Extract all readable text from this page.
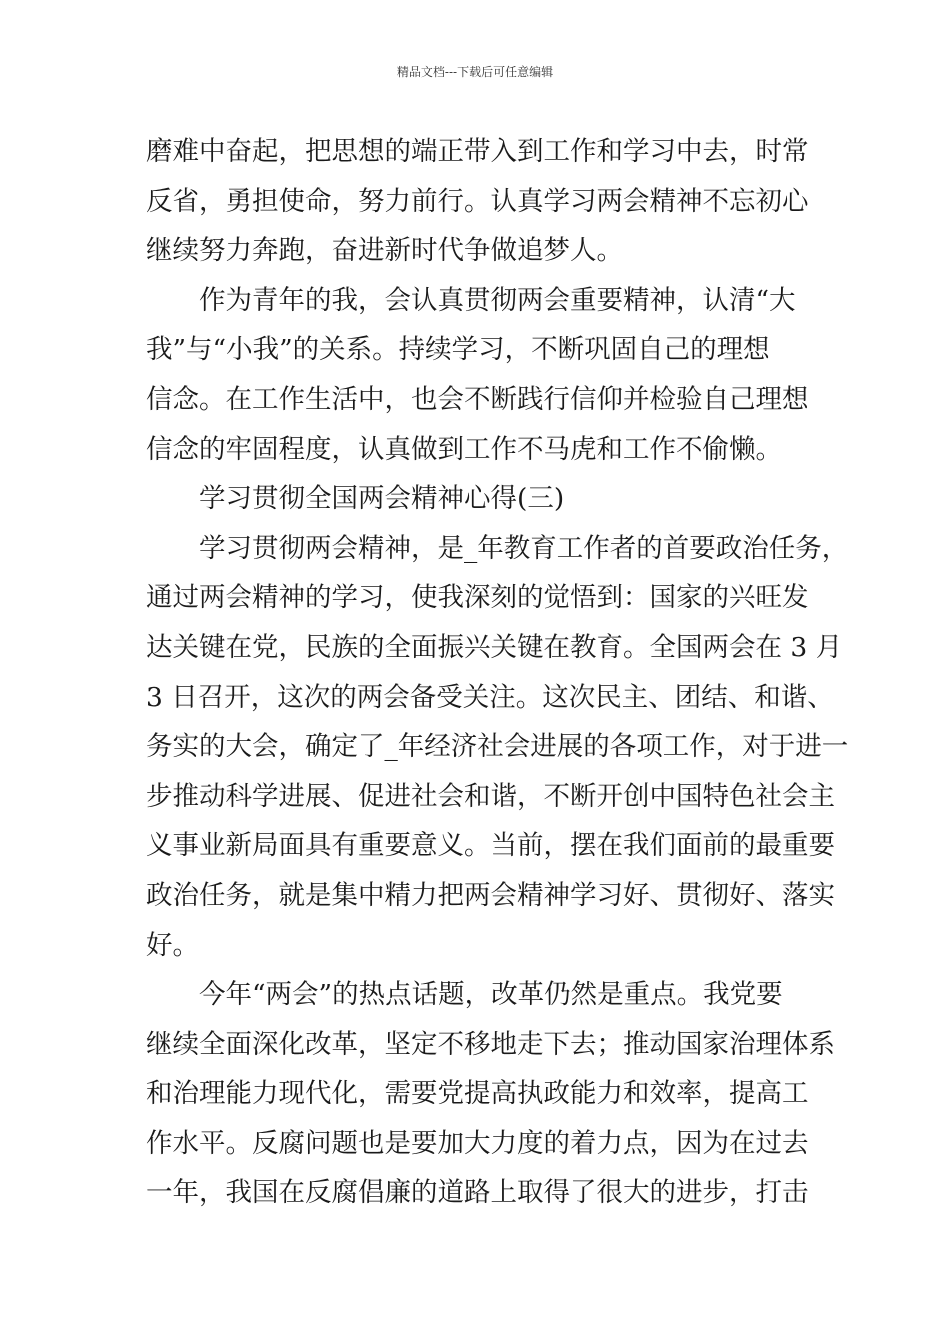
精品文档---下载后可任意编辑
磨难中奋起，把思想的端正带入到工作和学习中去，时常
反省，勇担使命，努力前行。认真学习两会精神不忘初心
继续努力奔跑，奋进新时代争做追梦人。
　　作为青年的我，会认真贯彻两会重要精神，认清“大
我”与“小我”的关系。持续学习，不断巩固自己的理想
信念。在工作生活中，也会不断践行信仰并检验自己理想
信念的牢固程度，认真做到工作不马虎和工作不偷懒。
　　学习贯彻全国两会精神心得(三)
　　学习贯彻两会精神，是_年教育工作者的首要政治任务，
通过两会精神的学习，使我深刻的觉悟到：国家的兴旺发
达关键在党，民族的全面振兴关键在教育。全国两会在 3 月
3 日召开，这次的两会备受关注。这次民主、团结、和谐、
务实的大会，确定了_年经济社会进展的各项工作，对于进一
步推动科学进展、促进社会和谐，不断开创中国特色社会主
义事业新局面具有重要意义。当前，摆在我们面前的最重要
政治任务，就是集中精力把两会精神学习好、贯彻好、落实
好。
　　今年“两会”的热点话题，改革仍然是重点。我党要
继续全面深化改革，坚定不移地走下去；推动国家治理体系
和治理能力现代化，需要党提高执政能力和效率，提高工
作水平。反腐问题也是要加大力度的着力点，因为在过去
一年，我国在反腐倡廉的道路上取得了很大的进步，打击
